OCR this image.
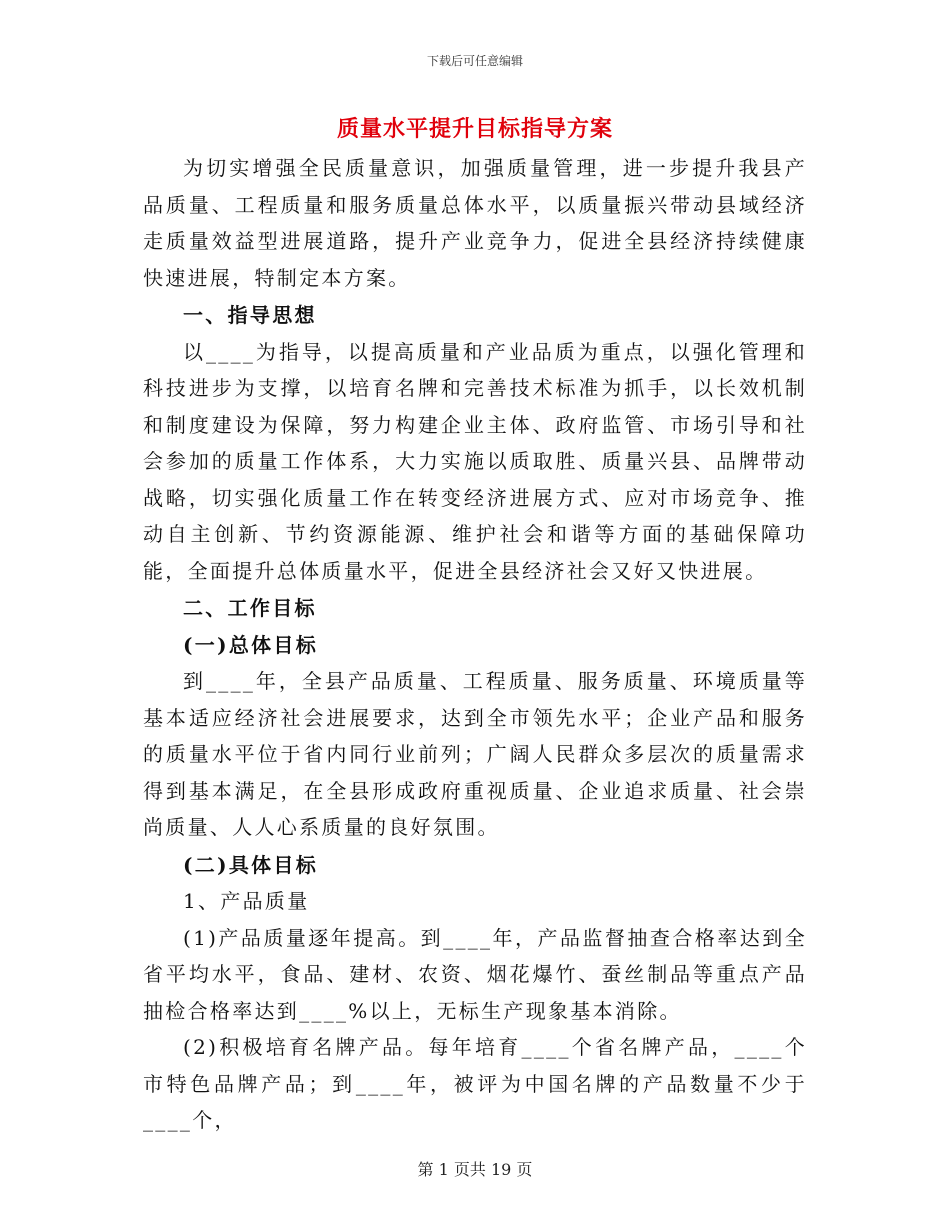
下载后可任意编辑
质量水平提升目标指导方案

为切实增强全民质量意识，加强质量管理，进一步提升我县产品质量、工程质量和服务质量总体水平，以质量振兴带动县域经济走质量效益型进展道路，提升产业竞争力，促进全县经济持续健康快速进展，特制定本方案。

一、指导思想

以____为指导，以提高质量和产业品质为重点，以强化管理和科技进步为支撑，以培育名牌和完善技术标准为抓手，以长效机制和制度建设为保障，努力构建企业主体、政府监管、市场引导和社会参加的质量工作体系，大力实施以质取胜、质量兴县、品牌带动战略，切实强化质量工作在转变经济进展方式、应对市场竞争、推动自主创新、节约资源能源、维护社会和谐等方面的基础保障功能，全面提升总体质量水平，促进全县经济社会又好又快进展。

二、工作目标

(一)总体目标

到____年，全县产品质量、工程质量、服务质量、环境质量等基本适应经济社会进展要求，达到全市领先水平；企业产品和服务的质量水平位于省内同行业前列；广阔人民群众多层次的质量需求得到基本满足，在全县形成政府重视质量、企业追求质量、社会崇尚质量、人人心系质量的良好氛围。

(二)具体目标

1、产品质量

(1)产品质量逐年提高。到____年，产品监督抽查合格率达到全省平均水平，食品、建材、农资、烟花爆竹、蚕丝制品等重点产品抽检合格率达到____%以上，无标生产现象基本消除。

(2)积极培育名牌产品。每年培育____个省名牌产品，____个市特色品牌产品；到____年，被评为中国名牌的产品数量不少于____个，

第 1 页共 19 页
